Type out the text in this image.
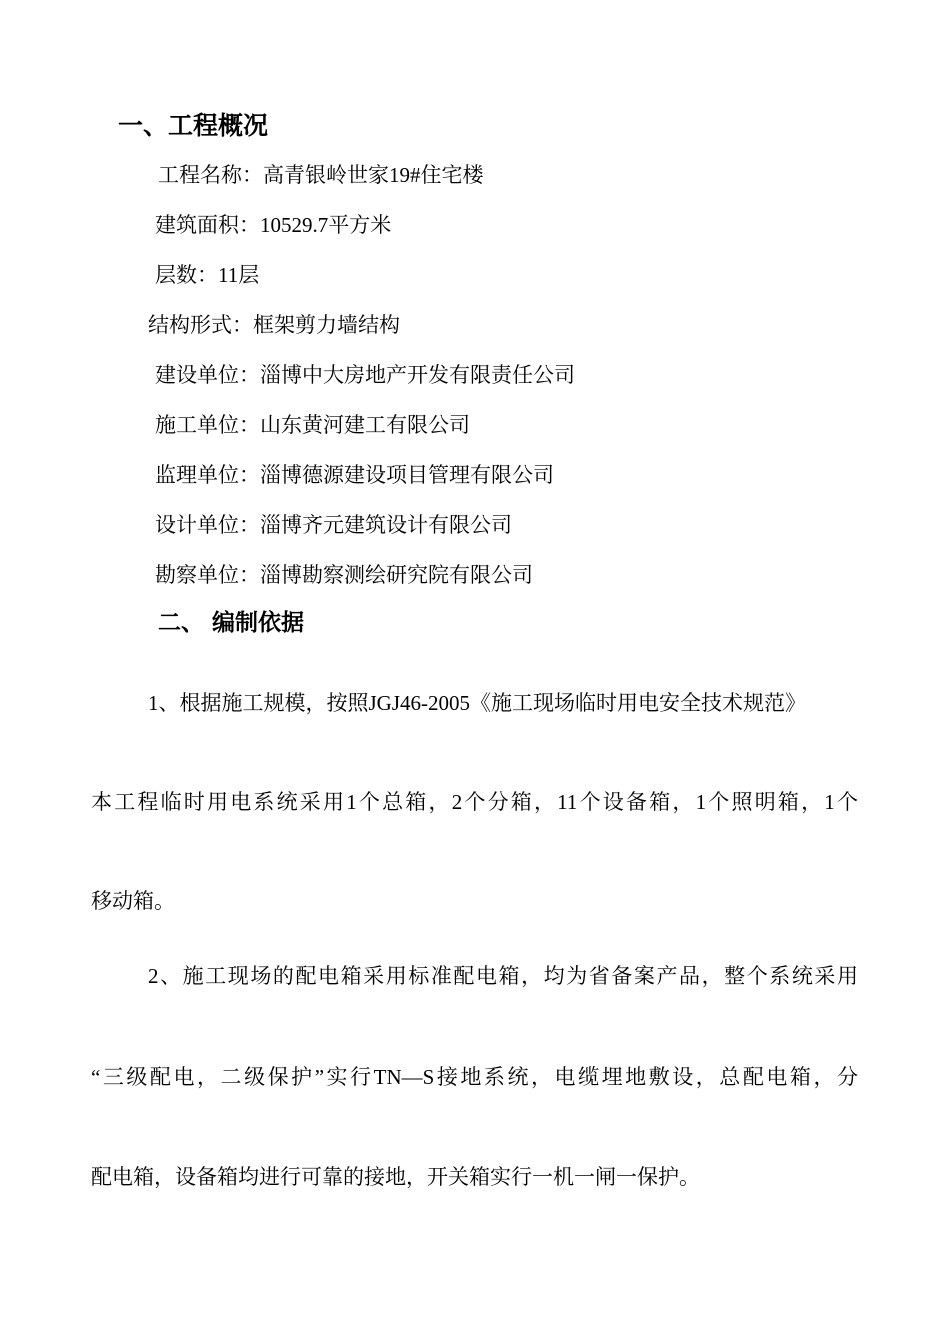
一、工程概况
工程名称：高青银岭世家19#住宅楼
建筑面积：10529.7平方米
层数：11层
结构形式：框架剪力墙结构
建设单位：淄博中大房地产开发有限责任公司
施工单位：山东黄河建工有限公司
监理单位：淄博德源建设项目管理有限公司
设计单位：淄博齐元建筑设计有限公司
勘察单位：淄博勘察测绘研究院有限公司
二、 编制依据
1、根据施工规模，按照JGJ46-2005《施工现场临时用电安全技术规范》
本工程临时用电系统采用1个总箱，2个分箱，11个设备箱，1个照明箱，1个
移动箱。
2、施工现场的配电箱采用标准配电箱，均为省备案产品，整个系统采用
“三级配电，二级保护”实行TN—S接地系统，电缆埋地敷设，总配电箱，分
配电箱，设备箱均进行可靠的接地，开关箱实行一机一闸一保护。
